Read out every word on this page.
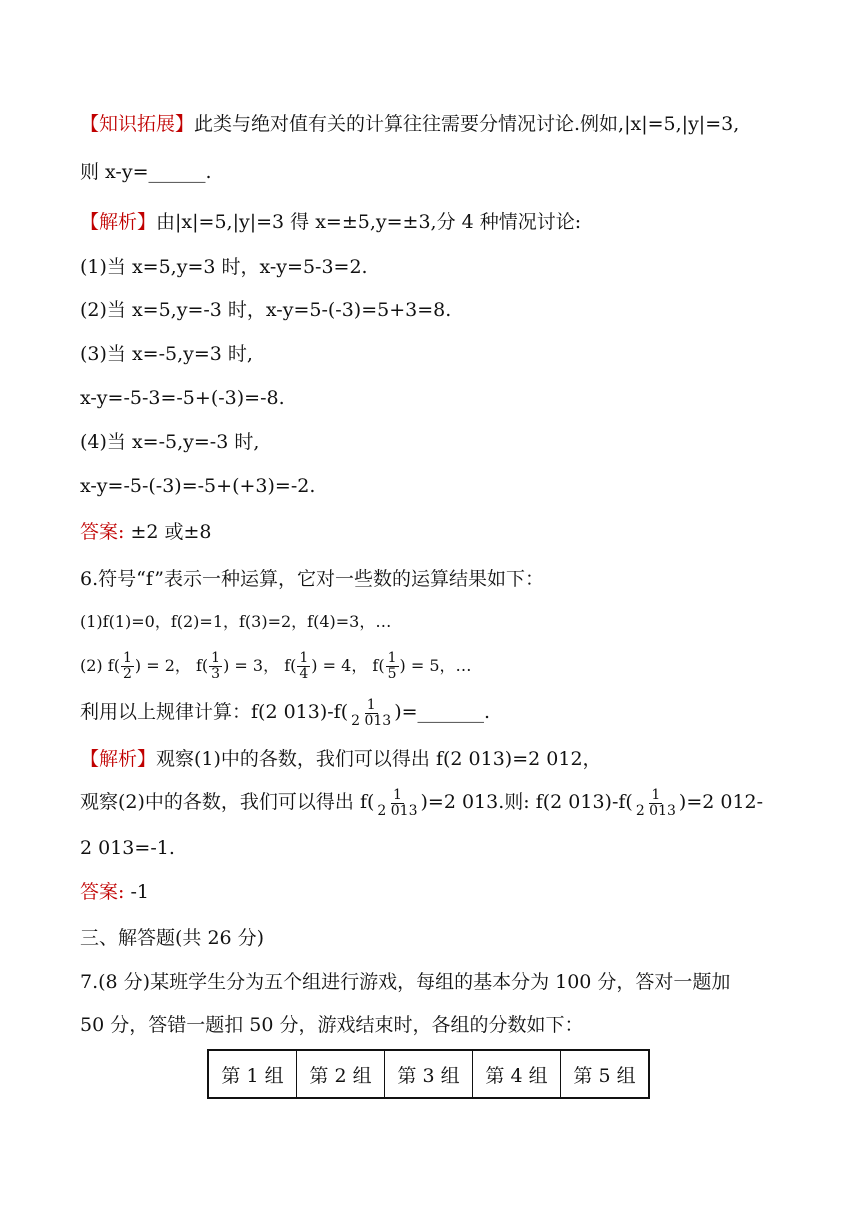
【知识拓展】此类与绝对值有关的计算往往需要分情况讨论.例如,|x|=5,|y|=3,
则 x-y=______.
【解析】由|x|=5,|y|=3 得 x=±5,y=±3,分 4 种情况讨论:
(1)当 x=5,y=3 时，x-y=5-3=2.
(2)当 x=5,y=-3 时，x-y=5-(-3)=5+3=8.
(3)当 x=-5,y=3 时,
x-y=-5-3=-5+(-3)=-8.
(4)当 x=-5,y=-3 时,
x-y=-5-(-3)=-5+(+3)=-2.
答案: ±2 或±8
6.符号“f”表示一种运算，它对一些数的运算结果如下：
(1)f(1)=0，f(2)=1，f(3)=2，f(4)=3，…
(2) $f( \frac{1}{2}$ ) = 2， $f( \frac{1}{3}$ ) = 3， $f( \frac{1}{4}$ ) = 4， $f( \frac{1}{5}$ ) = 5，…
利用以上规律计算：f(2 $013)-f( \frac{1}{2 013}$ )=_______.
【解析】观察(1)中的各数，我们可以得出 f(2 013)=2 012，
观察(2)中的各数，我们可以得出 $f( \frac{1}{2 013} )=2$ 013.则: f(2 $013)-f( \frac{1}{2 013} )=2$ 012-
2 013=-1.
答案: -1
三、解答题(共 26 分)
7.(8 分)某班学生分为五个组进行游戏，每组的基本分为 100 分，答对一题加
50 分，答错一题扣 50 分，游戏结束时，各组的分数如下：
第 1 组	第 2 组	第 3 组	第 4 组	第 5 组
